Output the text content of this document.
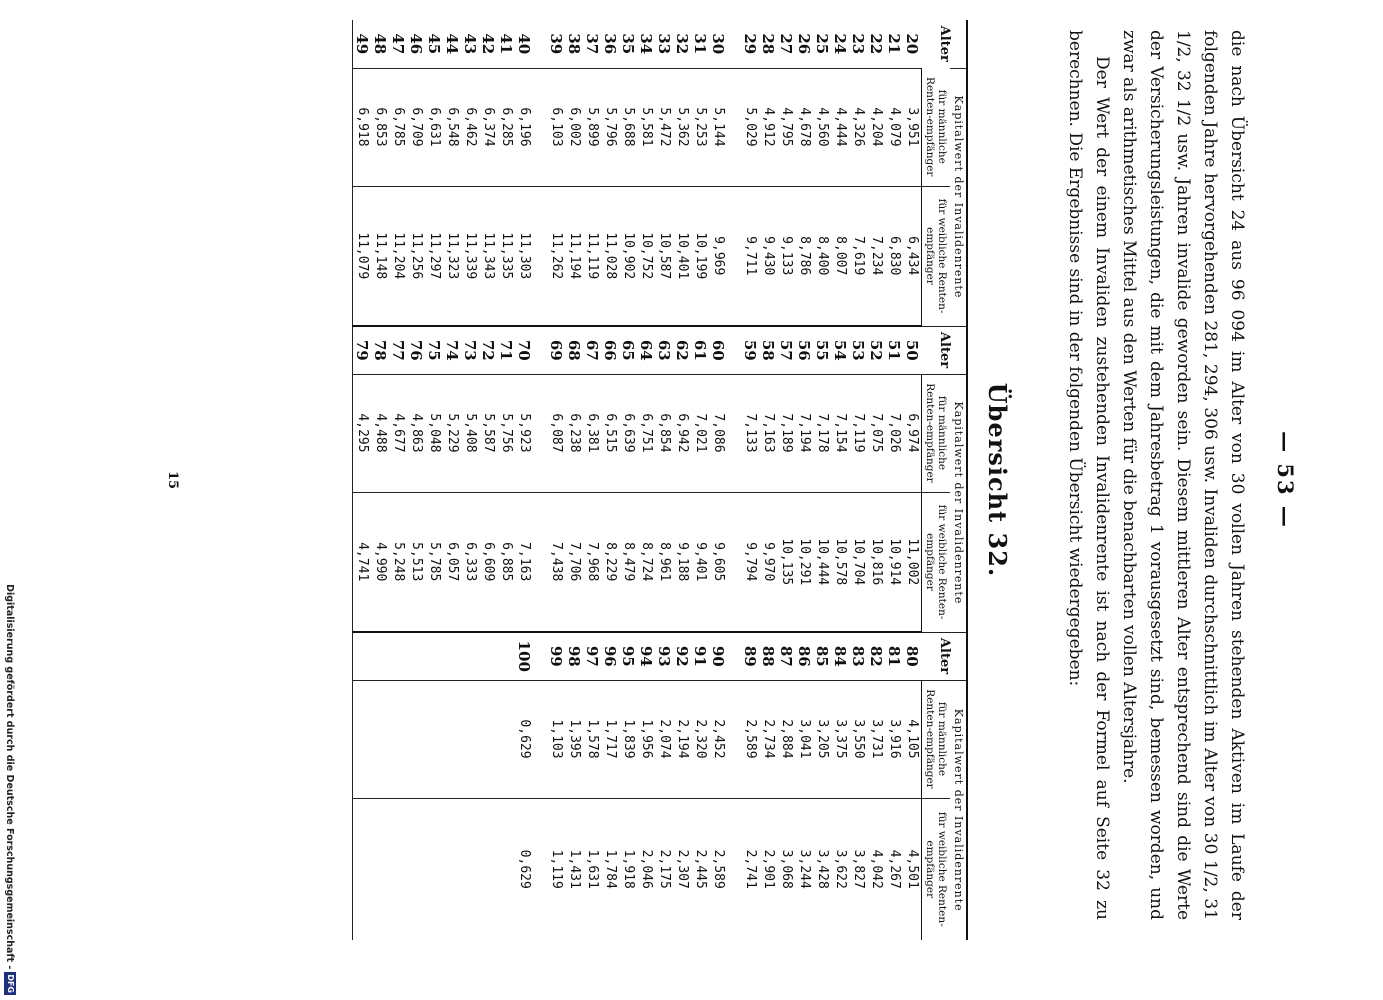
Digitalisierung gefördert durch die Deutsche Forschungsgemeinschaft -
DFG
— 53 —

die nach Übersicht 24 aus 96 094 im Alter von 30 vollen Jahren stehenden Aktiven im Laufe der folgenden Jahre hervorgehenden 281, 294, 306 usw. Invaliden durchschnittlich im Alter von 30 1/2, 31 1/2, 32 1/2 usw. Jahren invalide geworden sein. Diesem mittleren Alter entsprechend sind die Werte der Versicherungsleistungen, die mit dem Jahresbetrag 1 vorausgesetzt sind, bemessen worden, und zwar als arithmetisches Mittel aus den Werten für die benachbarten vollen Altersjahre.

Der Wert der einem Invaliden zustehenden Invalidenrente ist nach der Formel auf Seite 32 zu berechnen. Die Ergebnisse sind in der folgenden Übersicht wiedergegeben:

Übersicht 32.
Alter	Kapitalwert der Invalidenrente		Alter	Kapitalwert der Invalidenrente		Alter	Kapitalwert der Invalidenrente	
	für männliche Renten-empfänger	für weibliche Renten-empfänger		für männliche Renten-empfänger	für weibliche Renten-empfänger		für männliche Renten-empfänger	für weibliche Renten-empfänger
20	3,951	6,434	50	6,974	11,002	80	4,105	4,501
21	4,079	6,830	51	7,026	10,914	81	3,916	4,267
22	4,204	7,234	52	7,075	10,816	82	3,731	4,042
23	4,326	7,619	53	7,119	10,704	83	3,550	3,827
24	4,444	8,007	54	7,154	10,578	84	3,375	3,622
25	4,560	8,400	55	7,178	10,444	85	3,205	3,428
26	4,678	8,786	56	7,194	10,291	86	3,041	3,244
27	4,795	9,133	57	7,189	10,135	87	2,884	3,068
28	4,912	9,430	58	7,163	9,970	88	2,734	2,901
29	5,029	9,711	59	7,133	9,794	89	2,589	2,741

30	5,144	9,969	60	7,086	9,605	90	2,452	2,589
31	5,253	10,199	61	7,021	9,401	91	2,320	2,445
32	5,362	10,401	62	6,942	9,188	92	2,194	2,307
33	5,472	10,587	63	6,854	8,961	93	2,074	2,175
34	5,581	10,752	64	6,751	8,724	94	1,956	2,046
35	5,688	10,902	65	6,639	8,479	95	1,839	1,918
36	5,796	11,028	66	6,515	8,229	96	1,717	1,784
37	5,899	11,119	67	6,381	7,968	97	1,578	1,631
38	6,002	11,194	68	6,238	7,706	98	1,395	1,431
39	6,103	11,262	69	6,087	7,438	99	1,103	1,119

40	6,196	11,303	70	5,923	7,163	100	0,629	0,629
41	6,285	11,335	71	5,756	6,885			
42	6,374	11,343	72	5,587	6,609			
43	6,462	11,339	73	5,408	6,333			
44	6,548	11,323	74	5,229	6,057			
45	6,631	11,297	75	5,048	5,785			
46	6,709	11,256	76	4,863	5,513			
47	6,785	11,204	77	4,677	5,248			
48	6,853	11,148	78	4,488	4,990			
49	6,918	11,079	79	4,295	4,741			
15
